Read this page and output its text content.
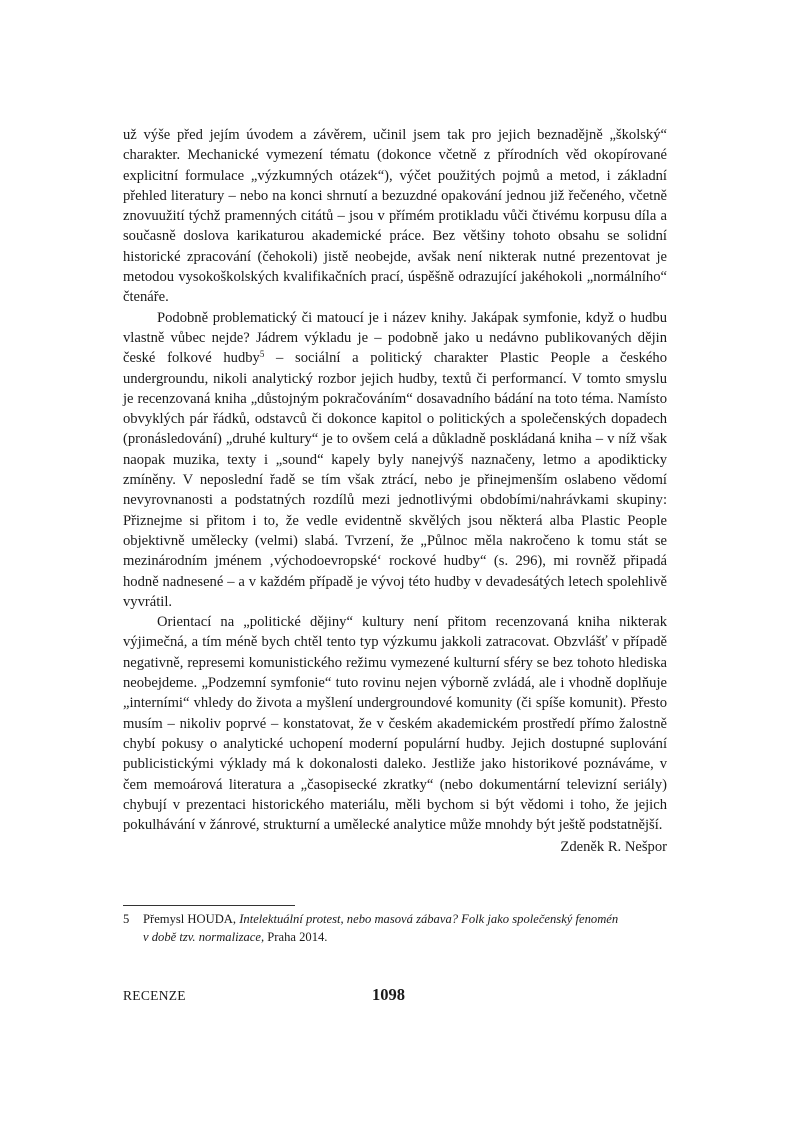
už výše před jejím úvodem a závěrem, učinil jsem tak pro jejich beznadějně „školský“ charakter. Mechanické vymezení tématu (dokonce včetně z přírodních věd okopírované explicitní formulace „výzkumných otázek“), výčet použitých pojmů a metod, i základní přehled literatury – nebo na konci shrnutí a bezuzdné opakování jednou již řečeného, včetně znovuužití týchž pramenných citátů – jsou v přímém protikladu vůči čtivému korpusu díla a současně doslova karikaturou akademické práce. Bez většiny tohoto obsahu se solidní historické zpracování (čehokoli) jistě neobejde, avšak není nikterak nutné prezentovat je metodou vysokoškolských kvalifikačních prací, úspěšně odrazující jakéhokoli „normálního“ čtenáře.

Podobně problematický či matoucí je i název knihy. Jakápak symfonie, když o hudbu vlastně vůbec nejde? Jádrem výkladu je – podobně jako u nedávno publikovaných dějin české folkové hudby$^5$ – sociální a politický charakter Plastic People a českého undergroundu, nikoli analytický rozbor jejich hudby, textů či performancí. V tomto smyslu je recenzovaná kniha „důstojným pokračováním“ dosavadního bádání na toto téma. Namísto obvyklých pár řádků, odstavců či dokonce kapitol o politických a společenských dopadech (pronásledování) „druhé kultury“ je to ovšem celá a důkladně poskládaná kniha – v níž však naopak muzika, texty i „sound“ kapely byly nanejvýš naznačeny, letmo a apodikticky zmíněny. V neposlední řadě se tím však ztrácí, nebo je přinejmenším oslabeno vědomí nevyrovnanosti a podstatných rozdílů mezi jednotlivými obdobími/nahrávkami skupiny: Přiznejme si přitom i to, že vedle evidentně skvělých jsou některá alba Plastic People objektivně umělecky (velmi) slabá. Tvrzení, že „Půlnoc měla nakročeno k tomu stát se mezinárodním jménem ‚východoevropské‘ rockové hudby“ (s. 296), mi rovněž připadá hodně nadnesené – a v každém případě je vývoj této hudby v devadesátých letech spolehlivě vyvrátil.

Orientací na „politické dějiny“ kultury není přitom recenzovaná kniha nikterak výjimečná, a tím méně bych chtěl tento typ výzkumu jakkoli zatracovat. Obzvlášť v případě negativně, represemi komunistického režimu vymezené kulturní sféry se bez tohoto hlediska neobejdeme. „Podzemní symfonie“ tuto rovinu nejen výborně zvládá, ale i vhodně doplňuje „interními“ vhledy do života a myšlení undergroundové komunity (či spíše komunit). Přesto musím – nikoliv poprvé – konstatovat, že v českém akademickém prostředí přímo žalostně chybí pokusy o analytické uchopení moderní populární hudby. Jejich dostupné suplování publicistickými výklady má k dokonalosti daleko. Jestliže jako historikové poznáváme, v čem memoárová literatura a „časopisecké zkratky“ (nebo dokumentární televizní seriály) chybují v prezentaci historického materiálu, měli bychom si být vědomi i toho, že jejich pokulhávání v žánrové, strukturní a umělecké analytice může mnohdy být ještě podstatnější.

Zdeněk R. Nešpor
5 Přemysl HOUDA, Intelektuální protest, nebo masová zábava? Folk jako společenský fenomén
v době tzv. normalizace, Praha 2014.
RECENZE	1098
